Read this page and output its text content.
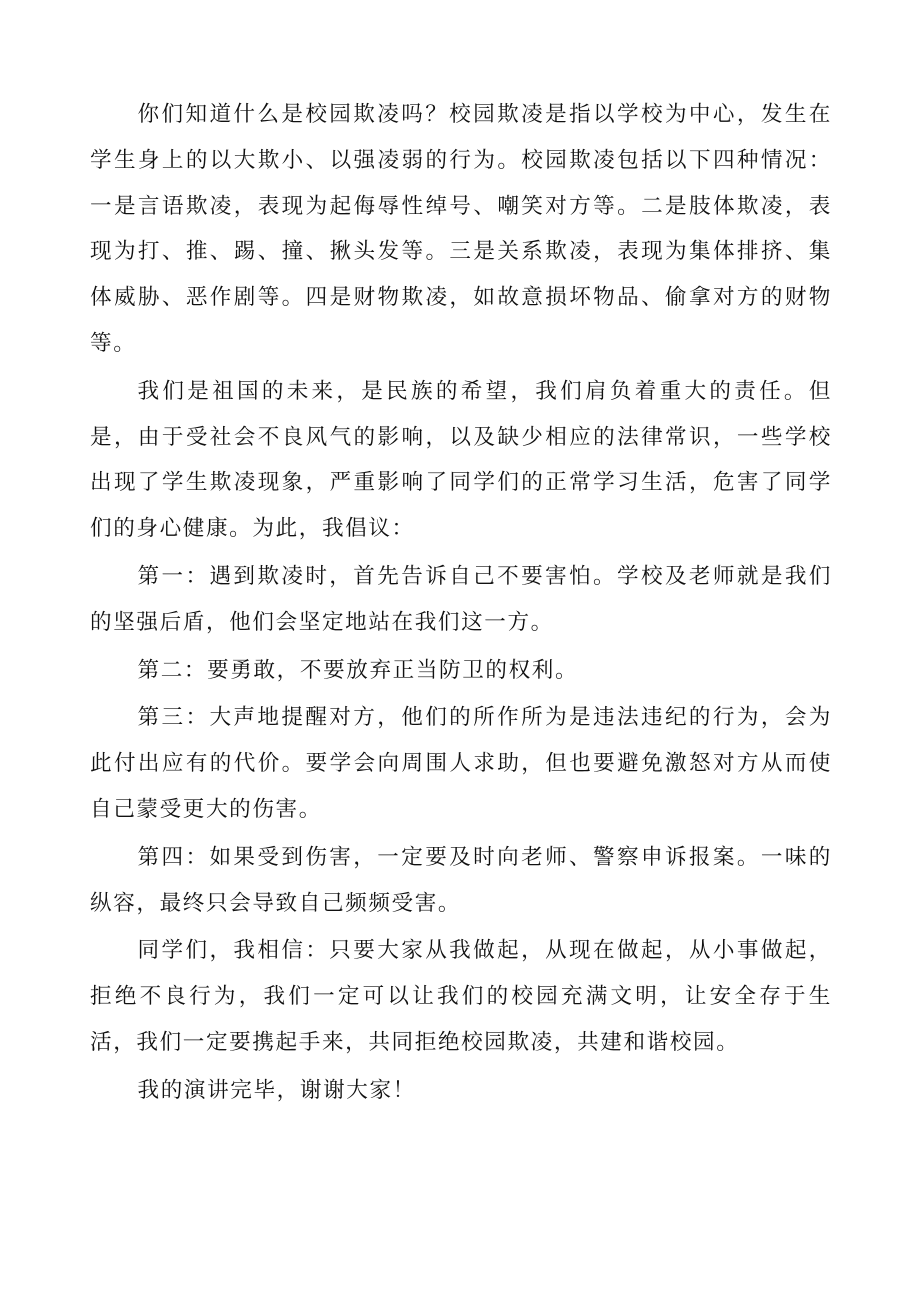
你们知道什么是校园欺凌吗？校园欺凌是指以学校为中心，发生在学生身上的以大欺小、以强凌弱的行为。校园欺凌包括以下四种情况：一是言语欺凌，表现为起侮辱性绰号、嘲笑对方等。二是肢体欺凌，表现为打、推、踢、撞、揪头发等。三是关系欺凌，表现为集体排挤、集体威胁、恶作剧等。四是财物欺凌，如故意损坏物品、偷拿对方的财物等。

我们是祖国的未来，是民族的希望，我们肩负着重大的责任。但是，由于受社会不良风气的影响，以及缺少相应的法律常识，一些学校出现了学生欺凌现象，严重影响了同学们的正常学习生活，危害了同学们的身心健康。为此，我倡议：

第一：遇到欺凌时，首先告诉自己不要害怕。学校及老师就是我们的坚强后盾，他们会坚定地站在我们这一方。

第二：要勇敢，不要放弃正当防卫的权利。

第三：大声地提醒对方，他们的所作所为是违法违纪的行为，会为此付出应有的代价。要学会向周围人求助，但也要避免激怒对方从而使自己蒙受更大的伤害。

第四：如果受到伤害，一定要及时向老师、警察申诉报案。一味的纵容，最终只会导致自己频频受害。

同学们，我相信：只要大家从我做起，从现在做起，从小事做起，拒绝不良行为，我们一定可以让我们的校园充满文明，让安全存于生活，我们一定要携起手来，共同拒绝校园欺凌，共建和谐校园。

我的演讲完毕，谢谢大家！
